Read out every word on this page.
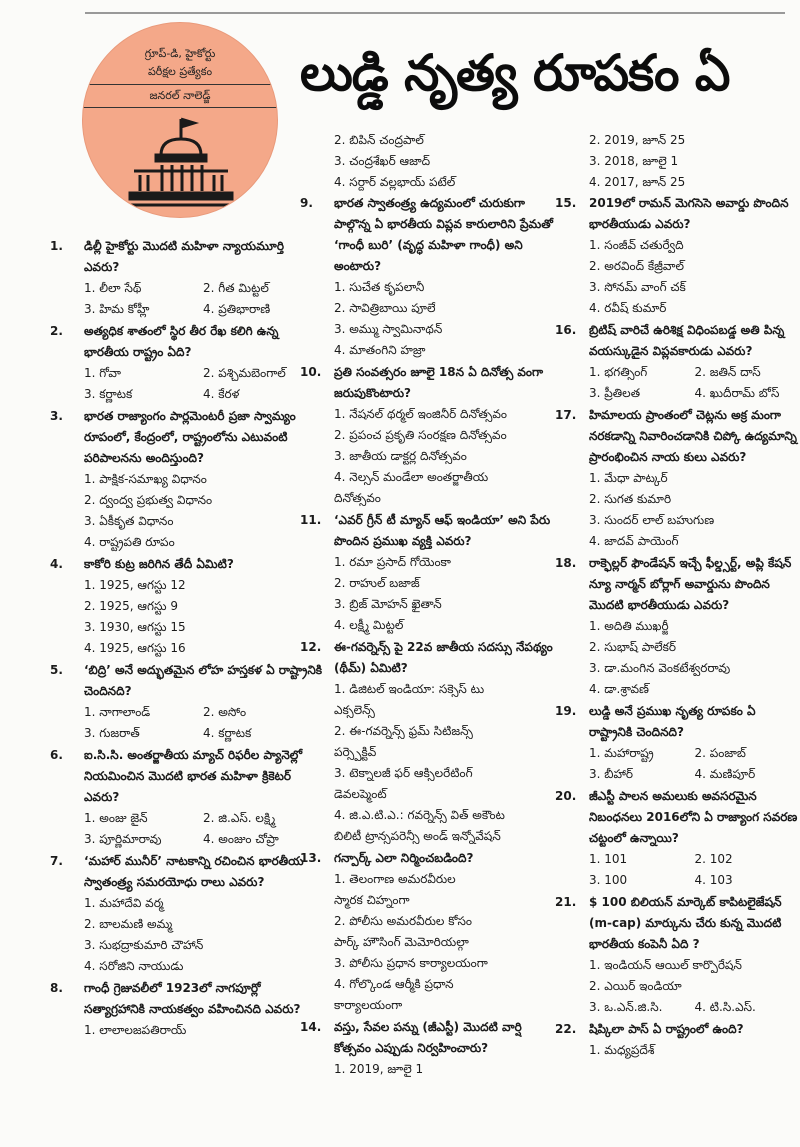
గ్రూప్-డి, హైకోర్టు
పరీక్షల ప్రత్యేకం
జనరల్ నాలెడ్జ్	లుడ్డి నృత్య రూపకం ఏ
1.	డిల్లీ హైకోర్టు మొదటి మహిళా న్యాయమూర్తి ఎవరు?
1. లీలా సేథ్	2. గీత మిట్టల్
3. హిమ కోహ్లీ	4. ప్రతిభారాణి
2.	అత్యధిక శాతంలో స్థిర తీర రేఖ కలిగి ఉన్న భారతీయ రాష్ట్రం ఏది?
1. గోవా	2. పశ్చిమబెంగాల్
3. కర్ణాటక	4. కేరళ
3.	భారత రాజ్యాంగం పార్లమెంటరీ ప్రజా స్వామ్యం రూపంలో, కేంద్రంలో, రాష్ట్రంలోను ఎటువంటి పరిపాలనను అందిస్తుంది?
1. పాక్షిక-సమాఖ్య విధానం
2. ద్వంద్వ ప్రభుత్వ విధానం
3. ఏకీకృత విధానం
4. రాష్ట్రపతి రూపం
4.	కాకోరి కుట్ర జరిగిన తేదీ ఏమిటి?
1. 1925, ఆగస్టు 12
2. 1925, ఆగస్టు 9
3. 1930, ఆగస్టు 15
4. 1925, ఆగస్టు 16
5.	‘బిద్రి’ అనే అద్భుతమైన లోహ హస్తకళ ఏ రాష్ట్రానికి చెందినది?
1. నాగాలాండ్	2. అసోం
3. గుజరాత్	4. కర్ణాటక
6.	ఐ.సి.సి. అంతర్జాతీయ మ్యాచ్ రిఫరీల ప్యానెల్లో నియమించిన మొదటి భారత మహిళా క్రికెటర్ ఎవరు?
1. అంజు జైన్	2. జి.ఎస్. లక్ష్మి
3. పూర్ణిమారావు	4. అంజుం చోప్రా
7.	‘మహార్ మునీర్’ నాటకాన్ని రచించిన భారతీయ స్వాతంత్ర్య సమరయోధు రాలు ఎవరు?
1. మహాదేవి వర్మ
2. బాలమణి అమ్మ
3. సుభద్రాకుమారి చౌహాన్
4. సరోజిని నాయుడు
8.	గాంధీ గ్రెజువలీలో 1923లో నాగపూర్లో సత్యాగ్రహానికి నాయకత్వం వహించినది ఎవరు?
1. లాలాలజపతిరాయ్
2. బిపిన్ చంద్రపాల్
3. చంద్రశేఖర్ ఆజాద్
4. సర్దార్ వల్లభాయ్ పటేల్
9.	భారత స్వాతంత్ర్య ఉద్యమంలో చురుకుగా పాల్గొన్న ఏ భారతీయ విప్లవ కారులారిని ప్రేమతో ‘గాంధీ బురి’ (వృద్ధ మహిళా గాంధీ) అని అంటారు?
1. సుచేత కృపలానీ
2. సావిత్రిబాయి పూలే
3. అమ్ము స్వామినాథన్
4. మాతంగిని హజ్రా
10.	ప్రతి సంవత్సరం జూలై 18న ఏ దినోత్స వంగా జరుపుకొంటారు?
1. నేషనల్ థర్మల్ ఇంజినీర్ దినోత్సవం
2. ప్రపంచ ప్రకృతి సంరక్షణ దినోత్సవం
3. జాతీయ డాక్టర్ల దినోత్సవం
4. నెల్సన్ మండేలా అంతర్జాతీయ
దినోత్సవం
11.	‘ఎవర్ గ్రీన్ టీ మ్యాన్ ఆఫ్ ఇండియా’ అని పేరు పొందిన ప్రముఖ వ్యక్తి ఎవరు?
1. రమా ప్రసాద్ గోయెంకా
2. రాహుల్ బజాజ్
3. బ్రిజ్ మోహన్ ఖైతాన్
4. లక్ష్మీ మిట్టల్
12.	ఈ-గవర్నెన్స్ పై 22వ జాతీయ సదస్సు నేపథ్యం (థీమ్) ఏమిటి?
1. డిజిటల్ ఇండియా: సక్సెస్ టు
ఎక్సలెన్స్
2. ఈ-గవర్నెన్స్ ఫ్రమ్ సిటిజన్స్
పర్స్పెక్టివ్
3. టెక్నాలజీ ఫర్ ఆక్సిలరేటింగ్
డెవలప్మెంట్
4. జి.ఎ.టి.ఎ.: గవర్నెన్స్ విత్ అకౌంట
బిలిటీ ట్రాన్సపరెన్సీ అండ్ ఇన్నోవేషన్
13.	గన్పార్క్ ఎలా నిర్మించబడింది?
1. తెలంగాణ అమరవీరుల
స్మారక చిహ్నంగా
2. పోలీసు అమరవీరుల కోసం
పార్క్ హౌసింగ్ మెమోరియల్గా
3. పోలీసు ప్రధాన కార్యాలయంగా
4. గోల్కొండ ఆర్మీకి ప్రధాన
కార్యాలయంగా
14.	వస్తు, సేవల పన్ను (జీఎస్టీ) మొదటి వార్షి కోత్సవం ఎప్పుడు నిర్వహించారు?
1. 2019, జూలై 1
2. 2019, జూన్ 25
3. 2018, జూలై 1
4. 2017, జూన్ 25
15.	2019లో రామన్ మెగసెసె అవార్డు పొందిన భారతీయుడు ఎవరు?
1. సంజీవ్ చతుర్వేది
2. అరవింద్ కేజ్రీవాల్
3. సోనమ్ వాంగ్ చక్
4. రవీష్ కుమార్
16.	బ్రిటిష్ వారిచే ఉరిశిక్ష విధింపబడ్డ అతి పిన్న వయస్కుడైన విప్లవకారుడు ఎవరు?
1. భగత్సింగ్	2. జతిన్ దాస్
3. ప్రీతిలత	4. ఖుదీరామ్ బోస్
17.	హిమాలయ ప్రాంతంలో చెట్లను అక్ర మంగా నరకడాన్ని నివారించడానికి చిప్కో ఉద్యమాన్ని ప్రారంభించిన నాయ కులు ఎవరు?
1. మేధా పాట్కర్
2. సుగత కుమారి
3. సుందర్ లాల్ బహుగుణ
4. జాదవ్ పాయెంగ్
18.	రాక్ఫెల్లర్ ఫౌండేషన్ ఇచ్చే ఫీల్డ్సర్ట్, అప్లి కేషన్ న్యూ నార్మన్ బోర్లాగ్ అవార్డును పొందిన మొదటి భారతీయుడు ఎవరు?
1. అదితి ముఖర్జీ
2. సుభాష్ పాలేకర్
3. డా.మంగిన వెంకటేశ్వరరావు
4. డా.శ్రావణ్
19.	లుడ్డి అనే ప్రముఖ నృత్య రూపకం ఏ రాష్ట్రానికి చెందినది?
1. మహారాష్ట్ర	2. పంజాబ్
3. బీహార్	4. మణిపూర్
20.	జీఎస్టీ పాలన అమలుకు అవసరమైన నిబంధనలు 2016లోని ఏ రాజ్యాంగ సవరణ చట్టంలో ఉన్నాయి?
1. 101	2. 102
3. 100	4. 103
21.	$ 100 బిలియన్ మార్కెట్ కాపిటలైజేషన్ (m-cap) మార్కును చేరు కున్న మొదటి భారతీయ కంపెనీ ఏది ?
1. ఇండియన్ ఆయిల్ కార్పొరేషన్
2. ఎయిర్ ఇండియా
3. ఒ.ఎన్.జి.సి.	4. టి.సి.ఎస్.
22.	షిప్కిలా పాస్ ఏ రాష్ట్రంలో ఉంది?
1. మధ్యప్రదేశ్
